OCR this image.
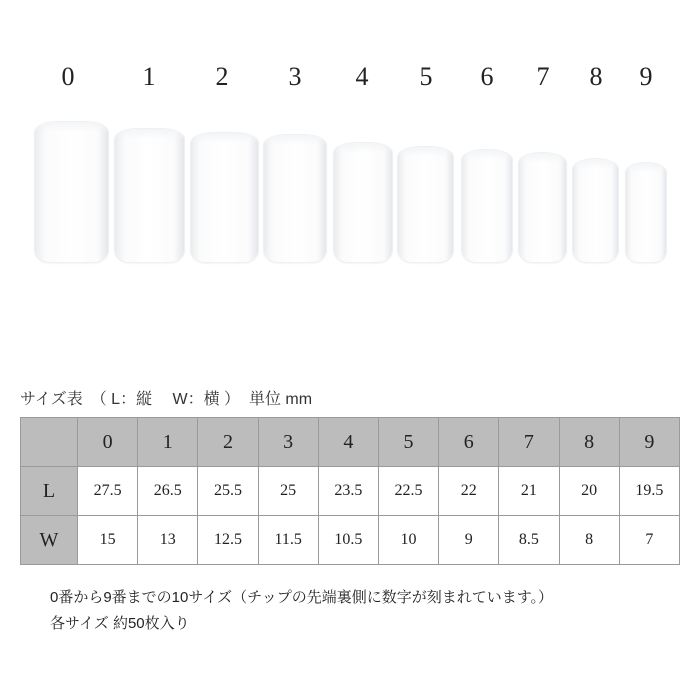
0	1	2	3	4	5	6	7	8	9
サイズ表　（ L：縦　 W：横 ）  単位 mm
	0	1	2	3	4	5	6	7	8	9
L	27.5	26.5	25.5	25	23.5	22.5	22	21	20	19.5
W	15	13	12.5	11.5	10.5	10	9	8.5	8	7
0番から9番までの10サイズ（チップの先端裏側に数字が刻まれています。）
各サイズ 約50枚入り
